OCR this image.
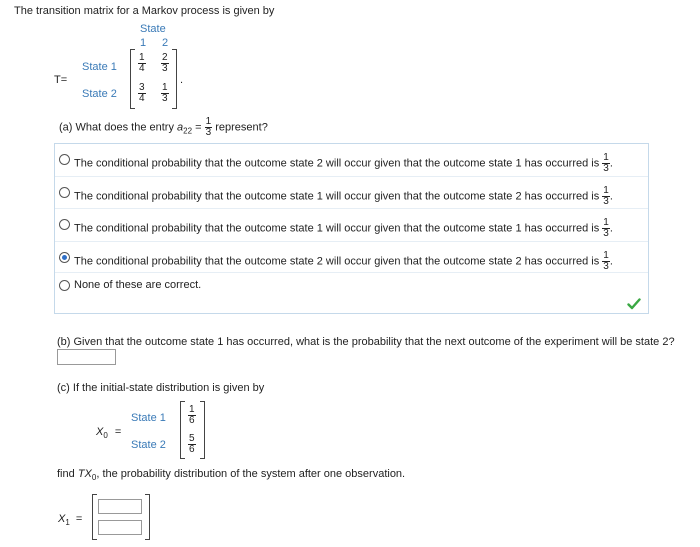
The transition matrix for a Markov process is given by
State
1 2
T=
State 1
State 2
.
$\frac{1}{4} \frac{2}{3}$
$\frac{3}{4} \frac{1}{3}$
(a) What does the entry $a_{22} = \frac{1}{3}$ represent?
The conditional probability that the outcome state 2 will occur given that the outcome state 1 has occurred is $\frac{1}{3}$ .
The conditional probability that the outcome state 1 will occur given that the outcome state 2 has occurred is $\frac{1}{3}$ .
The conditional probability that the outcome state 1 will occur given that the outcome state 1 has occurred is $\frac{1}{3}$ .
The conditional probability that the outcome state 2 will occur given that the outcome state 2 has occurred is $\frac{1}{3}$ .
None of these are correct.
(b) Given that the outcome state 1 has occurred, what is the probability that the next outcome of the experiment will be state 2?
(c) If the initial-state distribution is given by
$X_0$ =
State 1
State 2
$\frac{1}{6}$
$\frac{5}{6}$
find $TX_0$, the probability distribution of the system after one observation.
$X_1$ =
